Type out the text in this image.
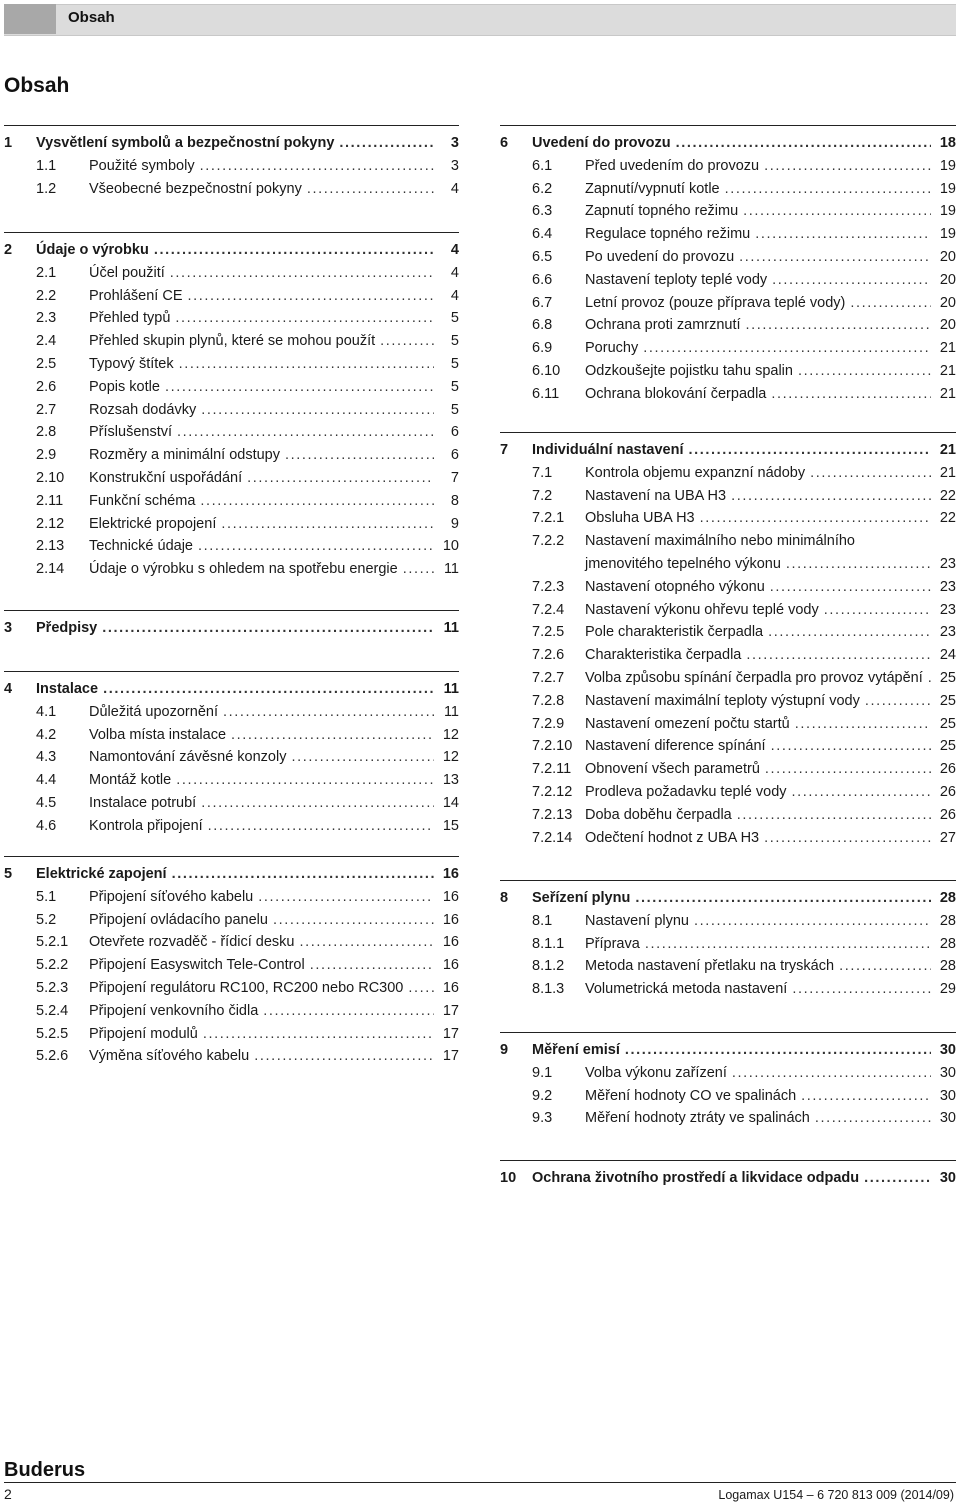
Obsah
Obsah
1	Vysvětlení symbolů a bezpečnostní pokyny .....	3
1.1	Použité symboly .....	3
1.2	Všeobecné bezpečnostní pokyny .....	4
2	Údaje o výrobku .....	4
2.1	Účel použití .....	4
2.2	Prohlášení CE .....	4
2.3	Přehled typů .....	5
2.4	Přehled skupin plynů, které se mohou použít .....	5
2.5	Typový štítek .....	5
2.6	Popis kotle .....	5
2.7	Rozsah dodávky .....	5
2.8	Příslušenství .....	6
2.9	Rozměry a minimální odstupy .....	6
2.10	Konstrukční uspořádání .....	7
2.11	Funkční schéma .....	8
2.12	Elektrické propojení .....	9
2.13	Technické údaje .....	10
2.14	Údaje o výrobku s ohledem na spotřebu energie .....	11
3	Předpisy .....	11
4	Instalace .....	11
4.1	Důležitá upozornění .....	11
4.2	Volba místa instalace .....	12
4.3	Namontování závěsné konzoly .....	12
4.4	Montáž kotle .....	13
4.5	Instalace potrubí .....	14
4.6	Kontrola připojení .....	15
5	Elektrické zapojení .....	16
5.1	Připojení síťového kabelu .....	16
5.2	Připojení ovládacího panelu .....	16
5.2.1	Otevřete rozvaděč - řídicí desku .....	16
5.2.2	Připojení Easyswitch Tele-Control .....	16
5.2.3	Připojení regulátoru RC100, RC200 nebo RC300 .....	16
5.2.4	Připojení venkovního čidla .....	17
5.2.5	Připojení modulů .....	17
5.2.6	Výměna síťového kabelu .....	17
6	Uvedení do provozu .....	18
6.1	Před uvedením do provozu .....	19
6.2	Zapnutí/vypnutí kotle .....	19
6.3	Zapnutí topného režimu .....	19
6.4	Regulace topného režimu .....	19
6.5	Po uvedení do provozu .....	20
6.6	Nastavení teploty teplé vody .....	20
6.7	Letní provoz (pouze příprava teplé vody) .....	20
6.8	Ochrana proti zamrznutí .....	20
6.9	Poruchy .....	21
6.10	Odzkoušejte pojistku tahu spalin .....	21
6.11	Ochrana blokování čerpadla .....	21
7	Individuální nastavení .....	21
7.1	Kontrola objemu expanzní nádoby .....	21
7.2	Nastavení na UBA H3 .....	22
7.2.1	Obsluha UBA H3 .....	22
7.2.2	Nastavení maximálního nebo minimálního
jmenovitého tepelného výkonu .....	23
7.2.3	Nastavení otopného výkonu .....	23
7.2.4	Nastavení výkonu ohřevu teplé vody .....	23
7.2.5	Pole charakteristik čerpadla .....	23
7.2.6	Charakteristika čerpadla .....	24
7.2.7	Volba způsobu spínání čerpadla pro provoz vytápění ..... 25
7.2.8	Nastavení maximální teploty výstupní vody .....	25
7.2.9	Nastavení omezení počtu startů .....	25
7.2.10 Nastavení diference spínání .....	25
7.2.11 Obnovení všech parametrů .....	26
7.2.12 Prodleva požadavku teplé vody .....	26
7.2.13 Doba doběhu čerpadla .....	26
7.2.14 Odečtení hodnot z UBA H3 .....	27
8	Seřízení plynu .....	28
8.1	Nastavení plynu .....	28
8.1.1	Příprava .....	28
8.1.2	Metoda nastavení přetlaku na tryskách .....	28
8.1.3	Volumetrická metoda nastavení .....	29
9	Měření emisí .....	30
9.1	Volba výkonu zařízení .....	30
9.2	Měření hodnoty CO ve spalinách .....	30
9.3	Měření hodnoty ztráty ve spalinách .....	30
10	Ochrana životního prostředí a likvidace odpadu .....	30
Buderus
2	Logamax U154 – 6 720 813 009 (2014/09)
